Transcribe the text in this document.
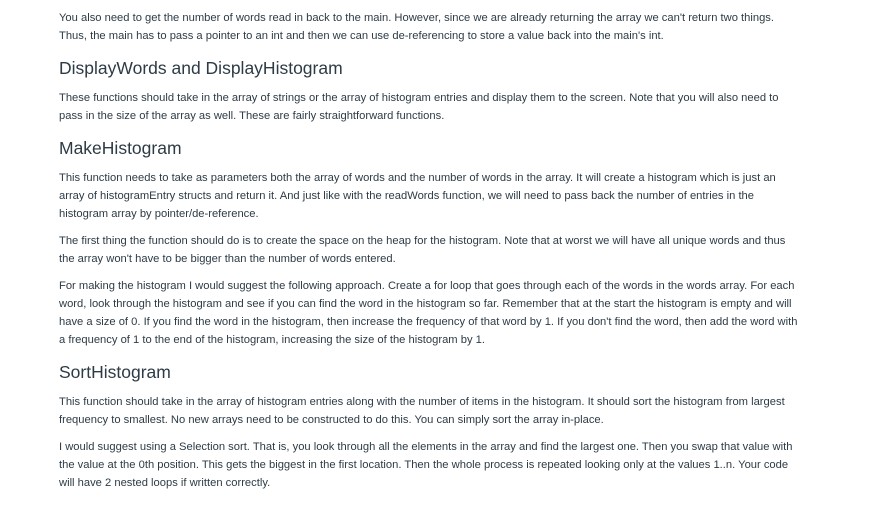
You also need to get the number of words read in back to the main. However, since we are already returning the array we can't return two things. Thus, the main has to pass a pointer to an int and then we can use de-referencing to store a value back into the main's int.

DisplayWords and DisplayHistogram

These functions should take in the array of strings or the array of histogram entries and display them to the screen. Note that you will also need to pass in the size of the array as well. These are fairly straightforward functions.

MakeHistogram

This function needs to take as parameters both the array of words and the number of words in the array. It will create a histogram which is just an array of histogramEntry structs and return it. And just like with the readWords function, we will need to pass back the number of entries in the histogram array by pointer/de-reference.

The first thing the function should do is to create the space on the heap for the histogram. Note that at worst we will have all unique words and thus the array won't have to be bigger than the number of words entered.

For making the histogram I would suggest the following approach. Create a for loop that goes through each of the words in the words array. For each word, look through the histogram and see if you can find the word in the histogram so far. Remember that at the start the histogram is empty and will have a size of 0. If you find the word in the histogram, then increase the frequency of that word by 1. If you don't find the word, then add the word with a frequency of 1 to the end of the histogram, increasing the size of the histogram by 1.

SortHistogram

This function should take in the array of histogram entries along with the number of items in the histogram. It should sort the histogram from largest frequency to smallest. No new arrays need to be constructed to do this. You can simply sort the array in-place.

I would suggest using a Selection sort. That is, you look through all the elements in the array and find the largest one. Then you swap that value with the value at the 0th position. This gets the biggest in the first location. Then the whole process is repeated looking only at the values 1..n. Your code will have 2 nested loops if written correctly.
